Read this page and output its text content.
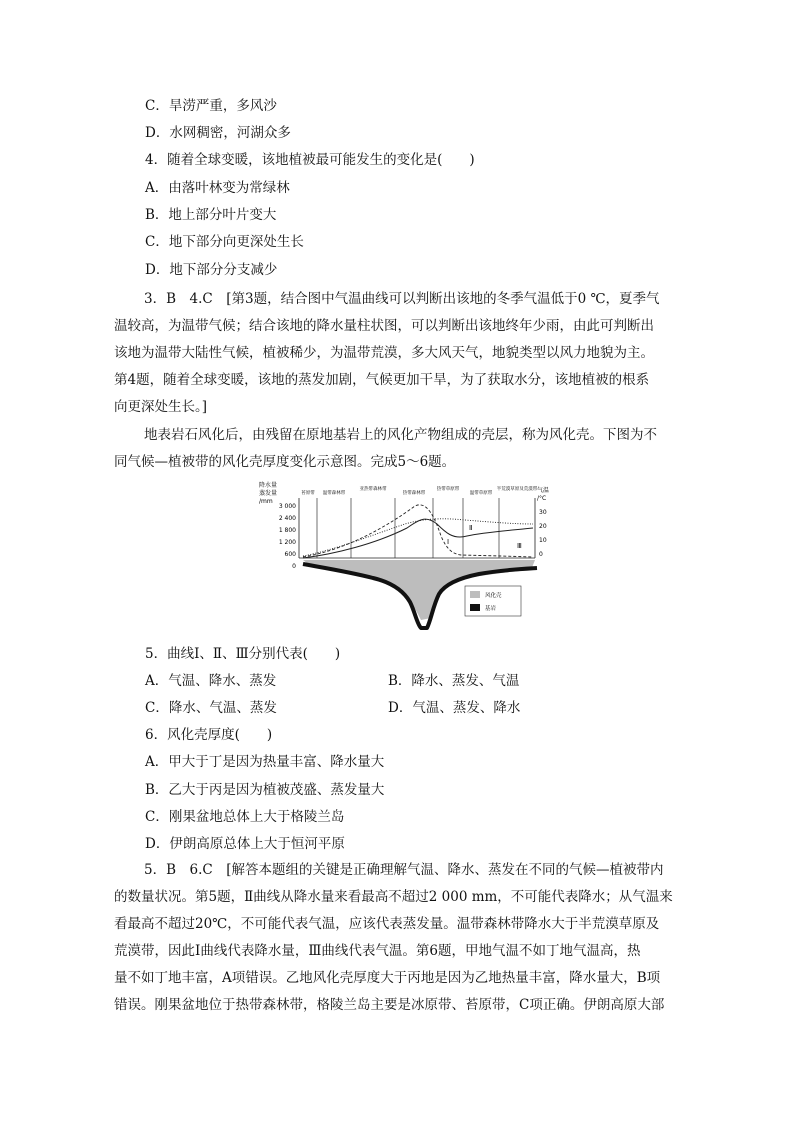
C．旱涝严重，多风沙
D．水网稠密，河湖众多
4．随着全球变暖，该地植被最可能发生的变化是(　　)
A．由落叶林变为常绿林
B．地上部分叶片变大
C．地下部分向更深处生长
D．地下部分分支减少

3．B　4.C　[第3题，结合图中气温曲线可以判断出该地的冬季气温低于0 ℃，夏季气

温较高，为温带气候；结合该地的降水量柱状图，可以判断出该地终年少雨，由此可判断出

该地为温带大陆性气候，植被稀少，为温带荒漠，多大风天气，地貌类型以风力地貌为主。

第4题，随着全球变暖，该地的蒸发加剧，气候更加干旱，为了获取水分，该地植被的根系

向更深处生长。]

地表岩石风化后，由残留在原地基岩上的风化产物组成的壳层，称为风化壳。下图为不

同气候—植被带的风化壳厚度变化示意图。完成5～6题。

降水量
蒸发量
/mm
3 000
2 400
1 800
1 200
600
0
气温
/°C
30
20
10
0
苔原带 温带森林带
亚热带森林带
热带森林带
热带草原带
温带草原带
半荒漠草原及荒漠带
Ⅰ
Ⅱ
Ⅲ
风化壳
基岩
5．曲线Ⅰ、Ⅱ、Ⅲ分别代表(　　)
A．气温、降水、蒸发	B．降水、蒸发、气温
C．降水、气温、蒸发	D．气温、蒸发、降水
6．风化壳厚度(　　)
A．甲大于丁是因为热量丰富、降水量大
B．乙大于丙是因为植被茂盛、蒸发量大
C．刚果盆地总体上大于格陵兰岛
D．伊朗高原总体上大于恒河平原

5．B　6.C　[解答本题组的关键是正确理解气温、降水、蒸发在不同的气候—植被带内

的数量状况。第5题，Ⅱ曲线从降水量来看最高不超过2 000 mm，不可能代表降水；从气温来

看最高不超过20℃，不可能代表气温，应该代表蒸发量。温带森林带降水大于半荒漠草原及

荒漠带，因此Ⅰ曲线代表降水量，Ⅲ曲线代表气温。第6题，甲地气温不如丁地气温高，热

量不如丁地丰富，A项错误。乙地风化壳厚度大于丙地是因为乙地热量丰富，降水量大，B项

错误。刚果盆地位于热带森林带，格陵兰岛主要是冰原带、苔原带，C项正确。伊朗高原大部
